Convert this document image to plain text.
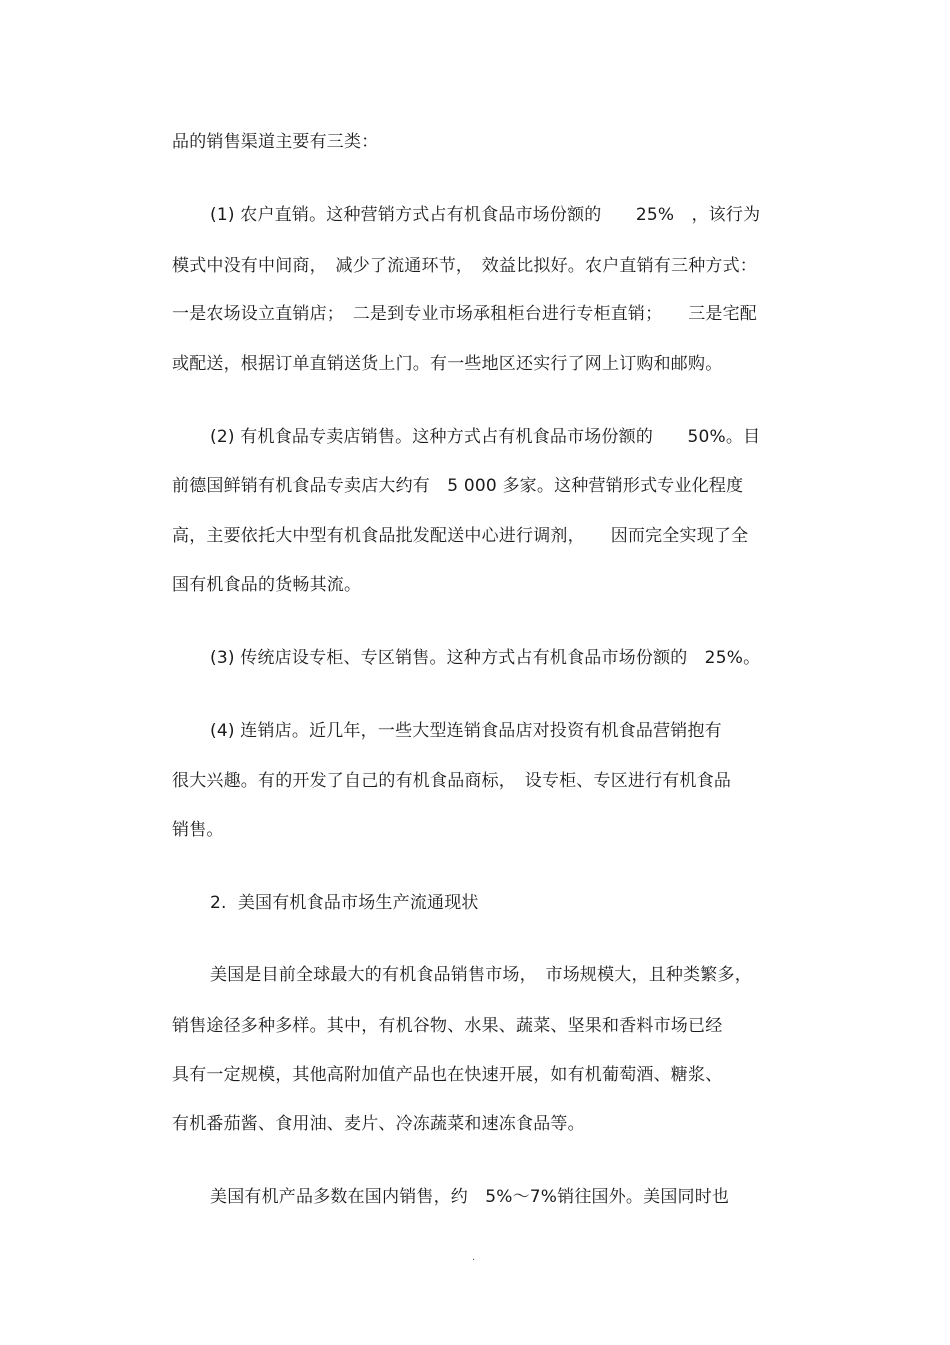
品的销售渠道主要有三类：

(1) 农户直销。这种营销方式占有机食品市场份额的　　25%　，该行为

模式中没有中间商，　减少了流通环节，　效益比拟好。农户直销有三种方式：

一是农场设立直销店；　二是到专业市场承租柜台进行专柜直销；　　三是宅配

或配送，根据订单直销送货上门。有一些地区还实行了网上订购和邮购。

(2) 有机食品专卖店销售。这种方式占有机食品市场份额的　　50%。目

前德国鲜销有机食品专卖店大约有　5 000 多家。这种营销形式专业化程度

高，主要依托大中型有机食品批发配送中心进行调剂，　　因而完全实现了全

国有机食品的货畅其流。

(3) 传统店设专柜、专区销售。这种方式占有机食品市场份额的　25%。

(4) 连销店。近几年，一些大型连销食品店对投资有机食品营销抱有

很大兴趣。有的开发了自己的有机食品商标，　设专柜、专区进行有机食品

销售。

2.  美国有机食品市场生产流通现状

美国是目前全球最大的有机食品销售市场，　市场规模大，且种类繁多，

销售途径多种多样。其中，有机谷物、水果、蔬菜、坚果和香料市场已经

具有一定规模，其他高附加值产品也在快速开展，如有机葡萄酒、糖浆、

有机番茄酱、食用油、麦片、冷冻蔬菜和速冻食品等。

美国有机产品多数在国内销售，约　5%～7%销往国外。美国同时也

.
